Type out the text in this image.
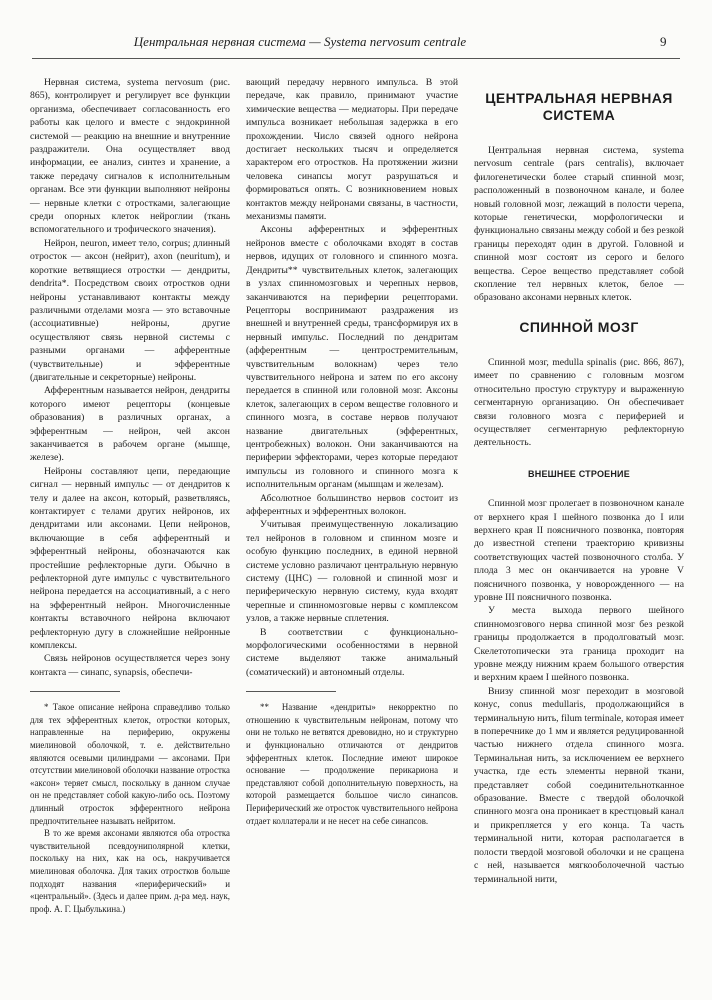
Центральная нервная система — Systema nervosum centrale	9

Нервная система, systema nervosum (рис. 865), контролирует и регулирует все функции организма, обеспечивает согласованность его работы как целого и вместе с эндокринной системой — реакцию на внешние и внутренние раздражители. Она осуществляет ввод информации, ее анализ, синтез и хранение, а также передачу сигналов к исполнительным органам. Все эти функции выполняют нейроны — нервные клетки с отростками, залегающие среди опорных клеток нейроглии (ткань вспомогательного и трофического значения).

Нейрон, neuron, имеет тело, corpus; длинный отросток — аксон (нейрит), axon (neuritum), и короткие ветвящиеся отростки — дендриты, dendrita*. Посредством своих отростков одни нейроны устанавливают контакты между различными отделами мозга — это вставочные (ассоциативные) нейроны, другие осуществляют связь нервной системы с разными органами — афферентные (чувствительные) и эфферентные (двигательные и секреторные) нейроны.

Афферентным называется нейрон, дендриты которого имеют рецепторы (концевые образования) в различных органах, а эфферентным — нейрон, чей аксон заканчивается в рабочем органе (мышце, железе).

Нейроны составляют цепи, передающие сигнал — нервный импульс — от дендритов к телу и далее на аксон, который, разветвляясь, контактирует с телами других нейронов, их дендритами или аксонами. Цепи нейронов, включающие в себя афферентный и эфферентный нейроны, обозначаются как простейшие рефлекторные дуги. Обычно в рефлекторной дуге импульс с чувствительного нейрона передается на ассоциативный, а с него на эфферентный нейрон. Многочисленные контакты вставочного нейрона включают рефлекторную дугу в сложнейшие нейронные комплексы.

Связь нейронов осуществляется через зону контакта — синапс, synapsis, обеспечи-

* Такое описание нейрона справедливо только для тех эфферентных клеток, отростки которых, направленные на периферию, окружены миелиновой оболочкой, т. е. действительно являются осевыми цилиндрами — аксонами. При отсутствии миелиновой оболочки название отростка «аксон» теряет смысл, поскольку в данном случае он не представляет собой какую-либо ось. Поэтому длинный отросток эфферентного нейрона предпочтительнее называть нейритом.

В то же время аксонами являются оба отростка чувствительной псевдоуниполярной клетки, поскольку на них, как на ось, накручивается миелиновая оболочка. Для таких отростков больше подходят названия «периферический» и «центральный». (Здесь и далее прим. д-ра мед. наук, проф. А. Г. Цыбулькина.)

вающий передачу нервного импульса. В этой передаче, как правило, принимают участие химические вещества — медиаторы. При передаче импульса возникает небольшая задержка в его прохождении. Число связей одного нейрона достигает нескольких тысяч и определяется характером его отростков. На протяжении жизни человека синапсы могут разрушаться и формироваться опять. С возникновением новых контактов между нейронами связаны, в частности, механизмы памяти.

Аксоны афферентных и эфферентных нейронов вместе с оболочками входят в состав нервов, идущих от головного и спинного мозга. Дендриты** чувствительных клеток, залегающих в узлах спинномозговых и черепных нервов, заканчиваются на периферии рецепторами. Рецепторы воспринимают раздражения из внешней и внутренней среды, трансформируя их в нервный импульс. Последний по дендритам (афферентным — центростремительным, чувствительным волокнам) через тело чувствительного нейрона и затем по его аксону передается в спинной или головной мозг. Аксоны клеток, залегающих в сером веществе головного и спинного мозга, в составе нервов получают название двигательных (эфферентных, центробежных) волокон. Они заканчиваются на периферии эффекторами, через которые передают импульсы из головного и спинного мозга к исполнительным органам (мышцам и железам).

Абсолютное большинство нервов состоит из афферентных и эфферентных волокон.

Учитывая преимущественную локализацию тел нейронов в головном и спинном мозге и особую функцию последних, в единой нервной системе условно различают центральную нервную систему (ЦНС) — головной и спинной мозг и периферическую нервную систему, куда входят черепные и спинномозговые нервы с комплексом узлов, а также нервные сплетения.

В соответствии с функционально-морфологическими особенностями в нервной системе выделяют также анимальный (соматический) и автономный отделы.

** Название «дендриты» некорректно по отношению к чувствительным нейронам, потому что они не только не ветвятся древовидно, но и структурно и функционально отличаются от дендритов эфферентных клеток. Последние имеют широкое основание — продолжение перикариона и представляют собой дополнительную поверхность, на которой размещается большое число синапсов. Периферический же отросток чувствительного нейрона отдает коллатерали и не несет на себе синапсов.

ЦЕНТРАЛЬНАЯ НЕРВНАЯ СИСТЕМА

Центральная нервная система, systema nervosum centrale (pars centralis), включает филогенетически более старый спинной мозг, расположенный в позвоночном канале, и более новый головной мозг, лежащий в полости черепа, которые генетически, морфологически и функционально связаны между собой и без резкой границы переходят один в другой. Головной и спинной мозг состоят из серого и белого вещества. Серое вещество представляет собой скопление тел нервных клеток, белое — образовано аксонами нервных клеток.

СПИННОЙ МОЗГ

Спинной мозг, medulla spinalis (рис. 866, 867), имеет по сравнению с головным мозгом относительно простую структуру и выраженную сегментарную организацию. Он обеспечивает связи головного мозга с периферией и осуществляет сегментарную рефлекторную деятельность.

ВНЕШНЕЕ СТРОЕНИЕ

Спинной мозг пролегает в позвоночном канале от верхнего края I шейного позвонка до I или верхнего края II поясничного позвонка, повторяя до известной степени траекторию кривизны соответствующих частей позвоночного столба. У плода 3 мес он оканчивается на уровне V поясничного позвонка, у новорожденного — на уровне III поясничного позвонка.

У места выхода первого шейного спинномозгового нерва спинной мозг без резкой границы продолжается в продолговатый мозг. Скелетотопически эта граница проходит на уровне между нижним краем большого отверстия и верхним краем I шейного позвонка.

Внизу спинной мозг переходит в мозговой конус, conus medullaris, продолжающийся в терминальную нить, filum terminale, которая имеет в поперечнике до 1 мм и является редуцированной частью нижнего отдела спинного мозга. Терминальная нить, за исключением ее верхнего участка, где есть элементы нервной ткани, представляет собой соединительнотканное образование. Вместе с твердой оболочкой спинного мозга она проникает в крестцовый канал и прикрепляется у его конца. Та часть терминальной нити, которая располагается в полости твердой мозговой оболочки и не сращена с ней, называется мягкооболочечной частью терминальной нити,
